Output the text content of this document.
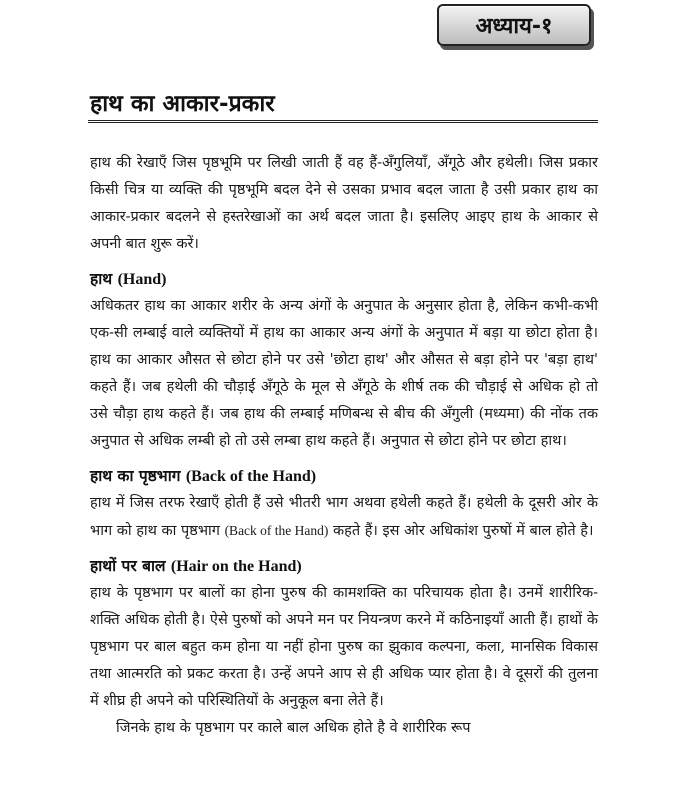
अध्याय-१
हाथ का आकार-प्रकार

हाथ की रेखाएँ जिस पृष्ठभूमि पर लिखी जाती हैं वह हैं-अँगुलियाँ, अँगूठे और हथेली। जिस प्रकार किसी चित्र या व्यक्ति की पृष्ठभूमि बदल देने से उसका प्रभाव बदल जाता है उसी प्रकार हाथ का आकार-प्रकार बदलने से हस्तरेखाओं का अर्थ बदल जाता है। इसलिए आइए हाथ के आकार से अपनी बात शुरू करें।

हाथ (Hand)

अधिकतर हाथ का आकार शरीर के अन्य अंगों के अनुपात के अनुसार होता है, लेकिन कभी-कभी एक-सी लम्बाई वाले व्यक्तियों में हाथ का आकार अन्य अंगों के अनुपात में बड़ा या छोटा होता है। हाथ का आकार औसत से छोटा होने पर उसे 'छोटा हाथ' और औसत से बड़ा होने पर 'बड़ा हाथ' कहते हैं। जब हथेली की चौड़ाई अँगूठे के मूल से अँगूठे के शीर्ष तक की चौड़ाई से अधिक हो तो उसे चौड़ा हाथ कहते हैं। जब हाथ की लम्बाई मणिबन्ध से बीच की अँगुली (मध्यमा) की नोंक तक अनुपात से अधिक लम्बी हो तो उसे लम्बा हाथ कहते हैं। अनुपात से छोटा होने पर छोटा हाथ।

हाथ का पृष्ठभाग (Back of the Hand)

हाथ में जिस तरफ रेखाएँ होती हैं उसे भीतरी भाग अथवा हथेली कहते हैं। हथेली के दूसरी ओर के भाग को हाथ का पृष्ठभाग (Back of the Hand) कहते हैं। इस ओर अधिकांश पुरुषों में बाल होते है।

हाथों पर बाल (Hair on the Hand)

हाथ के पृष्ठभाग पर बालों का होना पुरुष की कामशक्ति का परिचायक होता है। उनमें शारीरिक-शक्ति अधिक होती है। ऐसे पुरुषों को अपने मन पर नियन्त्रण करने में कठिनाइयाँ आती हैं। हाथों के पृष्ठभाग पर बाल बहुत कम होना या नहीं होना पुरुष का झुकाव कल्पना, कला, मानसिक विकास तथा आत्मरति को प्रकट करता है। उन्हें अपने आप से ही अधिक प्यार होता है। वे दूसरों की तुलना में शीघ्र ही अपने को परिस्थितियों के अनुकूल बना लेते हैं।

जिनके हाथ के पृष्ठभाग पर काले बाल अधिक होते है वे शारीरिक रूप
